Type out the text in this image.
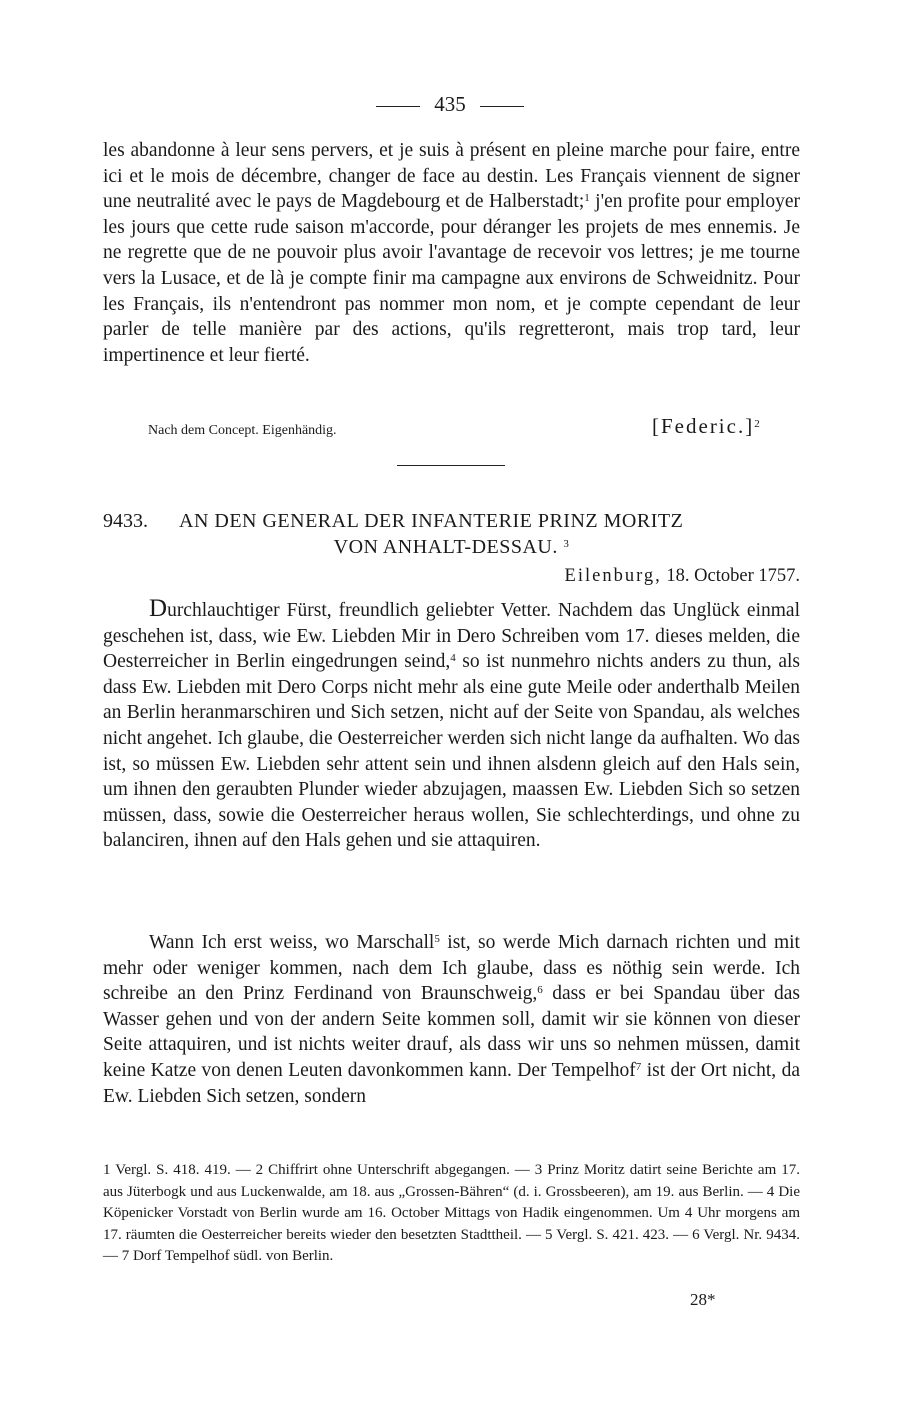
435
les abandonne à leur sens pervers, et je suis à présent en pleine marche pour faire, entre ici et le mois de décembre, changer de face au destin. Les Français viennent de signer une neutralité avec le pays de Magdebourg et de Halberstadt;$^1$ j'en profite pour employer les jours que cette rude saison m'accorde, pour déranger les projets de mes ennemis. Je ne regrette que de ne pouvoir plus avoir l'avantage de recevoir vos lettres; je me tourne vers la Lusace, et de là je compte finir ma campagne aux environs de Schweidnitz. Pour les Français, ils n'entendront pas nommer mon nom, et je compte cependant de leur parler de telle manière par des actions, qu'ils regretteront, mais trop tard, leur impertinence et leur fierté.
Nach dem Concept. Eigenhändig.	[Federic.]$^2$
9433.	AN DEN GENERAL DER INFANTERIE PRINZ MORITZ
VON ANHALT-DESSAU. $^3$
Eilenburg, 18. October 1757.
Durchlauchtiger Fürst, freundlich geliebter Vetter. Nachdem das Unglück einmal geschehen ist, dass, wie Ew. Liebden Mir in Dero Schreiben vom 17. dieses melden, die Oesterreicher in Berlin eingedrungen seind,$^4$ so ist nunmehro nichts anders zu thun, als dass Ew. Liebden mit Dero Corps nicht mehr als eine gute Meile oder anderthalb Meilen an Berlin heranmarschiren und Sich setzen, nicht auf der Seite von Spandau, als welches nicht angehet. Ich glaube, die Oesterreicher werden sich nicht lange da aufhalten. Wo das ist, so müssen Ew. Liebden sehr attent sein und ihnen alsdenn gleich auf den Hals sein, um ihnen den geraubten Plunder wieder abzujagen, maassen Ew. Liebden Sich so setzen müssen, dass, sowie die Oesterreicher heraus wollen, Sie schlechterdings, und ohne zu balanciren, ihnen auf den Hals gehen und sie attaquiren.
Wann Ich erst weiss, wo Marschall$^5$ ist, so werde Mich darnach richten und mit mehr oder weniger kommen, nach dem Ich glaube, dass es nöthig sein werde. Ich schreibe an den Prinz Ferdinand von Braunschweig,$^6$ dass er bei Spandau über das Wasser gehen und von der andern Seite kommen soll, damit wir sie können von dieser Seite attaquiren, und ist nichts weiter drauf, als dass wir uns so nehmen müssen, damit keine Katze von denen Leuten davonkommen kann. Der Tempelhof$^7$ ist der Ort nicht, da Ew. Liebden Sich setzen, sondern
1 Vergl. S. 418. 419. — 2 Chiffrirt ohne Unterschrift abgegangen. — 3 Prinz Moritz datirt seine Berichte am 17. aus Jüterbogk und aus Luckenwalde, am 18. aus „Grossen-Bähren“ (d. i. Grossbeeren), am 19. aus Berlin. — 4 Die Köpenicker Vorstadt von Berlin wurde am 16. October Mittags von Hadik eingenommen. Um 4 Uhr morgens am 17. räumten die Oesterreicher bereits wieder den besetzten Stadttheil. — 5 Vergl. S. 421. 423. — 6 Vergl. Nr. 9434. — 7 Dorf Tempelhof südl. von Berlin.
28*
